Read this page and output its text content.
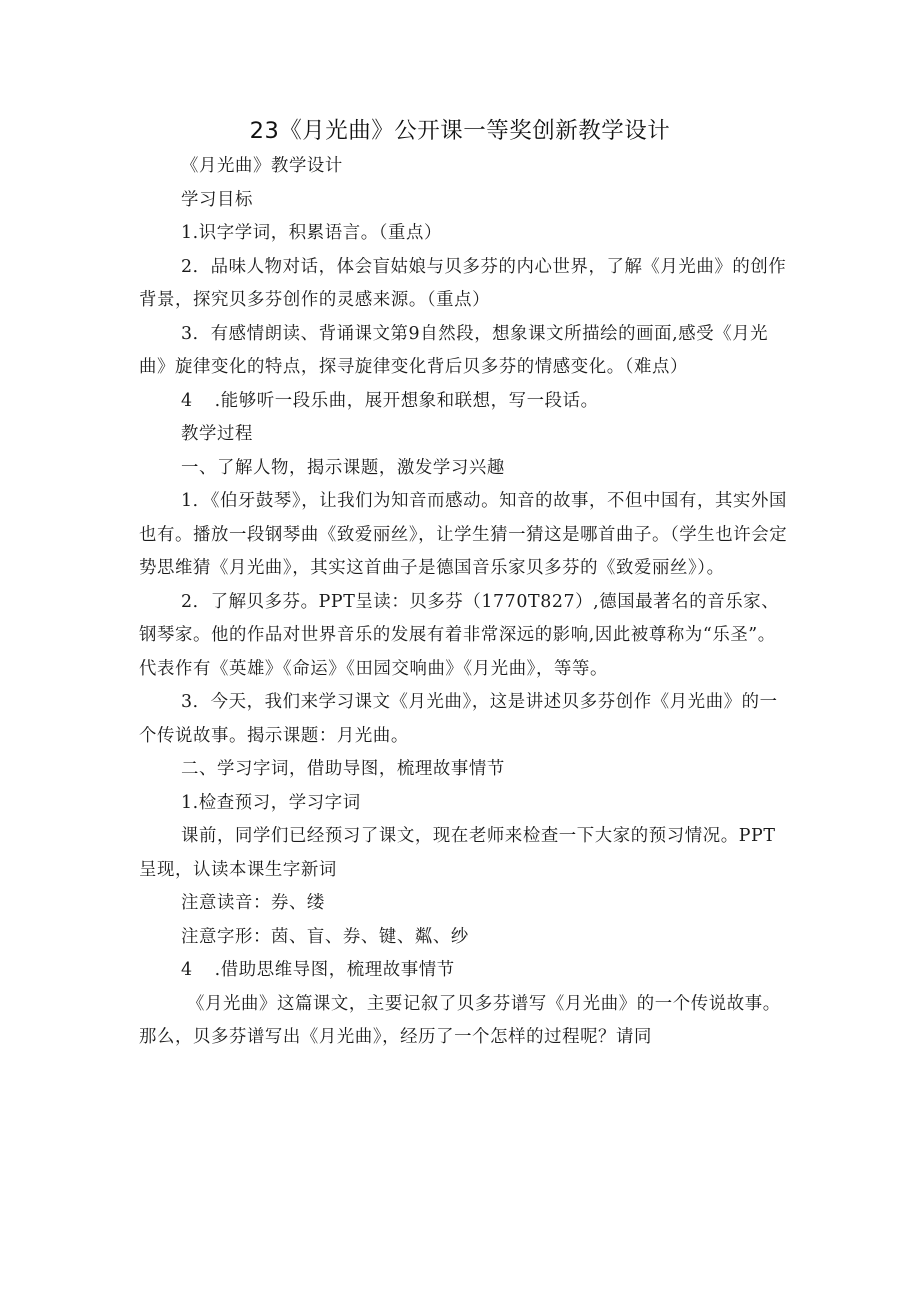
23《月光曲》公开课一等奖创新教学设计

《月光曲》教学设计

学习目标

1.识字学词，积累语言。（重点）

2．品味人物对话，体会盲姑娘与贝多芬的内心世界，了解《月光曲》的创作背景，探究贝多芬创作的灵感来源。（重点）

3．有感情朗读、背诵课文第9自然段，想象课文所描绘的画面,感受《月光曲》旋律变化的特点，探寻旋律变化背后贝多芬的情感变化。（难点）

4 .能够听一段乐曲，展开想象和联想，写一段话。

教学过程

一、了解人物，揭示课题，激发学习兴趣

1．《伯牙鼓琴》，让我们为知音而感动。知音的故事，不但中国有，其实外国也有。播放一段钢琴曲《致爱丽丝》，让学生猜一猜这是哪首曲子。（学生也许会定势思维猜《月光曲》，其实这首曲子是德国音乐家贝多芬的《致爱丽丝》）。

2．了解贝多芬。PPT呈读：贝多芬（1770T827）,德国最著名的音乐家、钢琴家。他的作品对世界音乐的发展有着非常深远的影响,因此被尊称为“乐圣”。代表作有《英雄》《命运》《田园交响曲》《月光曲》，等等。

3．今天，我们来学习课文《月光曲》，这是讲述贝多芬创作《月光曲》的一个传说故事。揭示课题：月光曲。

二、学习字词，借助导图，梳理故事情节

1.检查预习，学习字词

课前，同学们已经预习了课文，现在老师来检查一下大家的预习情况。PPT呈现，认读本课生字新词

注意读音：券、缕

注意字形：茵、盲、券、键、粼、纱

4 .借助思维导图，梳理故事情节

《月光曲》这篇课文，主要记叙了贝多芬谱写《月光曲》的一个传说故事。那么，贝多芬谱写出《月光曲》，经历了一个怎样的过程呢？请同
